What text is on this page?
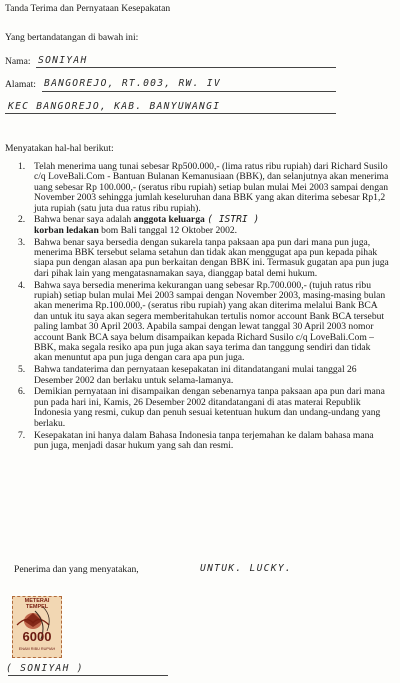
Tanda Terima dan Pernyataan Kesepakatan
Yang bertandatangan di bawah ini:
Nama: SONIYAH
Alamat: BANGOREJO, RT.003, RW. IV
KEC BANGOREJO, KAB. BANYUWANGI
Menyatakan hal-hal berikut:
1. Telah menerima uang tunai sebesar Rp500.000,- (lima ratus ribu rupiah) dari Richard Susilo c/q LoveBali.Com - Bantuan Bulanan Kemanusiaan (BBK), dan selanjutnya akan menerima uang sebesar Rp 100.000,- (seratus ribu rupiah) setiap bulan mulai Mei 2003 sampai dengan November 2003 sehingga jumlah keseluruhan dana BBK yang akan diterima sebesar Rp1,2 juta rupiah (satu juta dua ratus ribu rupiah).
2. Bahwa benar saya adalah anggota keluarga ( ISTRI )
korban ledakan bom Bali tanggal 12 Oktober 2002.
3. Bahwa benar saya bersedia dengan sukarela tanpa paksaan apa pun dari mana pun juga, menerima BBK tersebut selama setahun dan tidak akan menggugat apa pun kepada pihak siapa pun dengan alasan apa pun berkaitan dengan BBK ini. Termasuk gugatan apa pun juga dari pihak lain yang mengatasnamakan saya, dianggap batal demi hukum.
4. Bahwa saya bersedia menerima kekurangan uang sebesar Rp.700.000,- (tujuh ratus ribu rupiah) setiap bulan mulai Mei 2003 sampai dengan November 2003, masing-masing bulan akan menerima Rp.100.000,- (seratus ribu rupiah) yang akan diterima melalui Bank BCA dan untuk itu saya akan segera memberitahukan tertulis nomor account Bank BCA tersebut paling lambat 30 April 2003. Apabila sampai dengan lewat tanggal 30 April 2003 nomor account Bank BCA saya belum disampaikan kepada Richard Susilo c/q LoveBali.Com – BBK, maka segala resiko apa pun juga akan saya terima dan tanggung sendiri dan tidak akan menuntut apa pun juga dengan cara apa pun juga.
5. Bahwa tandaterima dan pernyataan kesepakatan ini ditandatangani mulai tanggal 26 Desember 2002 dan berlaku untuk selama-lamanya.
6. Demikian pernyataan ini disampaikan dengan sebenarnya tanpa paksaan apa pun dari mana pun pada hari ini, Kamis, 26 Desember 2002 ditandatangani di atas materai Republik Indonesia yang resmi, cukup dan penuh sesuai ketentuan hukum dan undang-undang yang berlaku.
7. Kesepakatan ini hanya dalam Bahasa Indonesia tanpa terjemahan ke dalam bahasa mana pun juga, menjadi dasar hukum yang sah dan resmi.
Penerima dan yang menyatakan,	UNTUK. LUCKY.
METERAI TEMPEL
6000
ENAM RIBU RUPIAH
( SONIYAH )
